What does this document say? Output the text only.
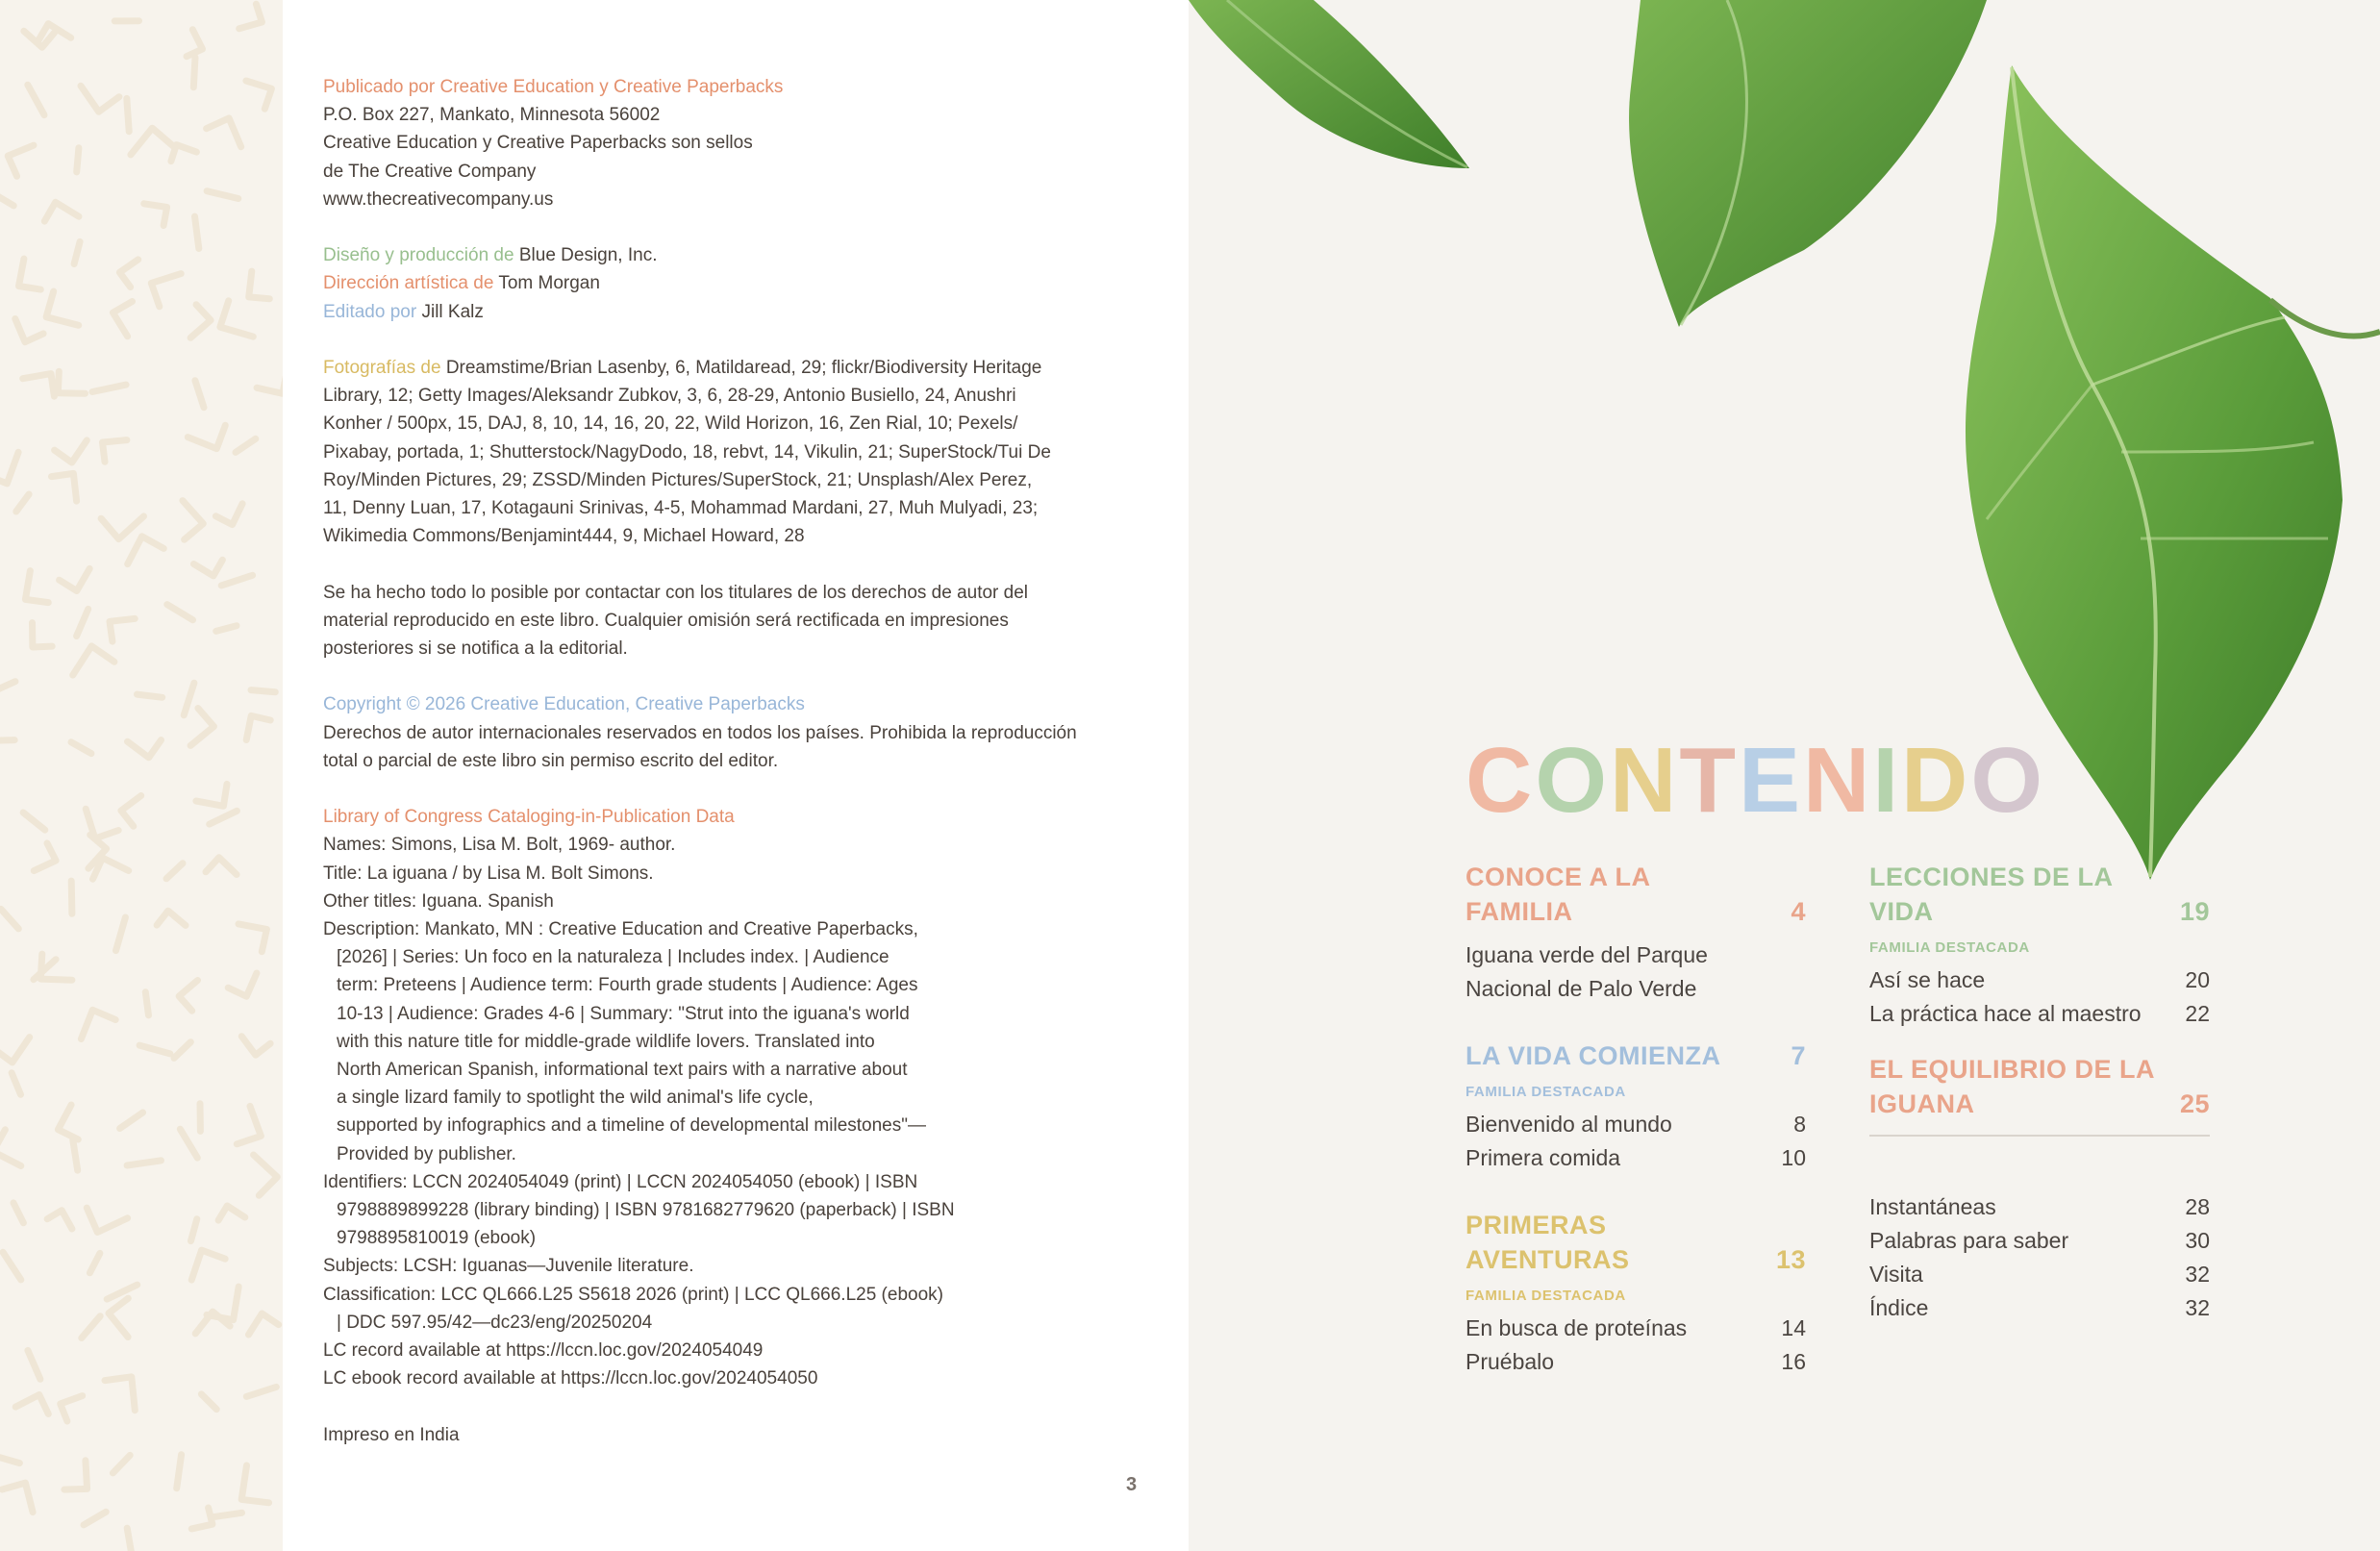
Publicado por Creative Education y Creative Paperbacks
P.O. Box 227, Mankato, Minnesota 56002
Creative Education y Creative Paperbacks son sellos
de The Creative Company
www.thecreativecompany.us
Diseño y producción de Blue Design, Inc.
Dirección artística de Tom Morgan
Editado por Jill Kalz
Fotografías de Dreamstime/Brian Lasenby, 6, Matildaread, 29; flickr/Biodiversity Heritage
Library, 12; Getty Images/Aleksandr Zubkov, 3, 6, 28-29, Antonio Busiello, 24, Anushri
Konher / 500px, 15, DAJ, 8, 10, 14, 16, 20, 22, Wild Horizon, 16, Zen Rial, 10; Pexels/
Pixabay, portada, 1; Shutterstock/NagyDodo, 18, rebvt, 14, Vikulin, 21; SuperStock/Tui De
Roy/Minden Pictures, 29; ZSSD/Minden Pictures/SuperStock, 21; Unsplash/Alex Perez,
11, Denny Luan, 17, Kotagauni Srinivas, 4-5, Mohammad Mardani, 27, Muh Mulyadi, 23;
Wikimedia Commons/Benjamint444, 9, Michael Howard, 28
Se ha hecho todo lo posible por contactar con los titulares de los derechos de autor del
material reproducido en este libro. Cualquier omisión será rectificada en impresiones
posteriores si se notifica a la editorial.
Copyright © 2026 Creative Education, Creative Paperbacks
Derechos de autor internacionales reservados en todos los países. Prohibida la reproducción
total o parcial de este libro sin permiso escrito del editor.
Library of Congress Cataloging-in-Publication Data
Names: Simons, Lisa M. Bolt, 1969- author.
Title: La iguana / by Lisa M. Bolt Simons.
Other titles: Iguana. Spanish
Description: Mankato, MN : Creative Education and Creative Paperbacks,
[2026] | Series: Un foco en la naturaleza | Includes index. | Audience
term: Preteens | Audience term: Fourth grade students | Audience: Ages
10-13 | Audience: Grades 4-6 | Summary: "Strut into the iguana's world
with this nature title for middle-grade wildlife lovers. Translated into
North American Spanish, informational text pairs with a narrative about
a single lizard family to spotlight the wild animal's life cycle,
supported by infographics and a timeline of developmental milestones"—
Provided by publisher.
Identifiers: LCCN 2024054049 (print) | LCCN 2024054050 (ebook) | ISBN
9798889899228 (library binding) | ISBN 9781682779620 (paperback) | ISBN
9798895810019 (ebook)
Subjects: LCSH: Iguanas—Juvenile literature.
Classification: LCC QL666.L25 S5618 2026 (print) | LCC QL666.L25 (ebook)
| DDC 597.95/42—dc23/eng/20250204
LC record available at https://lccn.loc.gov/2024054049
LC ebook record available at https://lccn.loc.gov/2024054050
Impreso en India
CONTENIDO
CONOCE A LA FAMILIA	4
Iguana verde del Parque Nacional de Palo Verde
LA VIDA COMIENZA	7
FAMILIA DESTACADA
Bienvenido al mundo	8
Primera comida	10
PRIMERAS AVENTURAS	13
FAMILIA DESTACADA
En busca de proteínas	14
Pruébalo	16
LECCIONES DE LA VIDA	19
FAMILIA DESTACADA
Así se hace	20
La práctica hace al maestro 22
EL EQUILIBRIO DE LA IGUANA	25
Instantáneas	28
Palabras para saber	30
Visita	32
Índice	32
3
